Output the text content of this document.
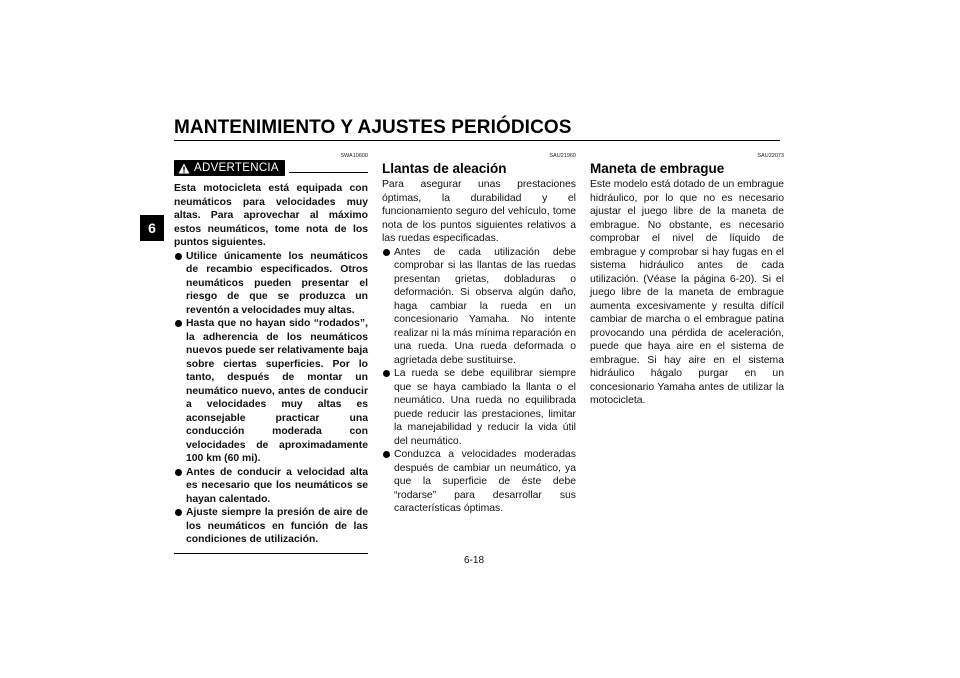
MANTENIMIENTO Y AJUSTES PERIÓDICOS
6
SWA10600
ADVERTENCIA

Esta motocicleta está equipada con neumáticos para velocidades muy altas. Para aprovechar al máximo estos neumáticos, tome nota de los puntos siguientes.

Utilice únicamente los neumáticos de recambio especificados. Otros neumáticos pueden presentar el riesgo de que se produzca un reventón a velocidades muy altas.
Hasta que no hayan sido “rodados”, la adherencia de los neumáticos nuevos puede ser relativamente baja sobre ciertas superficies. Por lo tanto, después de montar un neumático nuevo, antes de conducir a velocidades muy altas es aconsejable practicar una conducción moderada con velocidades de aproximadamente 100 km (60 mi).
Antes de conducir a velocidad alta es necesario que los neumáticos se hayan calentado.
Ajuste siempre la presión de aire de los neumáticos en función de las condiciones de utilización.
SAU21960
Llantas de aleación

Para asegurar unas prestaciones óptimas, la durabilidad y el funcionamiento seguro del vehículo, tome nota de los puntos siguientes relativos a las ruedas especificadas.

Antes de cada utilización debe comprobar si las llantas de las ruedas presentan grietas, dobladuras o deformación. Si observa algún daño, haga cambiar la rueda en un concesionario Yamaha. No intente realizar ni la más mínima reparación en una rueda. Una rueda deformada o agrietada debe sustituirse.
La rueda se debe equilibrar siempre que se haya cambiado la llanta o el neumático. Una rueda no equilibrada puede reducir las prestaciones, limitar la manejabilidad y reducir la vida útil del neumático.
Conduzca a velocidades moderadas después de cambiar un neumático, ya que la superficie de éste debe “rodarse” para desarrollar sus características óptimas.
SAU22073
Maneta de embrague

Este modelo está dotado de un embrague hidráulico, por lo que no es necesario ajustar el juego libre de la maneta de embrague. No obstante, es necesario comprobar el nivel de líquido de embrague y comprobar si hay fugas en el sistema hidráulico antes de cada utilización. (Véase la página 6-20). Si el juego libre de la maneta de embrague aumenta excesivamente y resulta difícil cambiar de marcha o el embrague patina provocando una pérdida de aceleración, puede que haya aire en el sistema de embrague. Si hay aire en el sistema hidráulico hágalo purgar en un concesionario Yamaha antes de utilizar la motocicleta.

6-18
